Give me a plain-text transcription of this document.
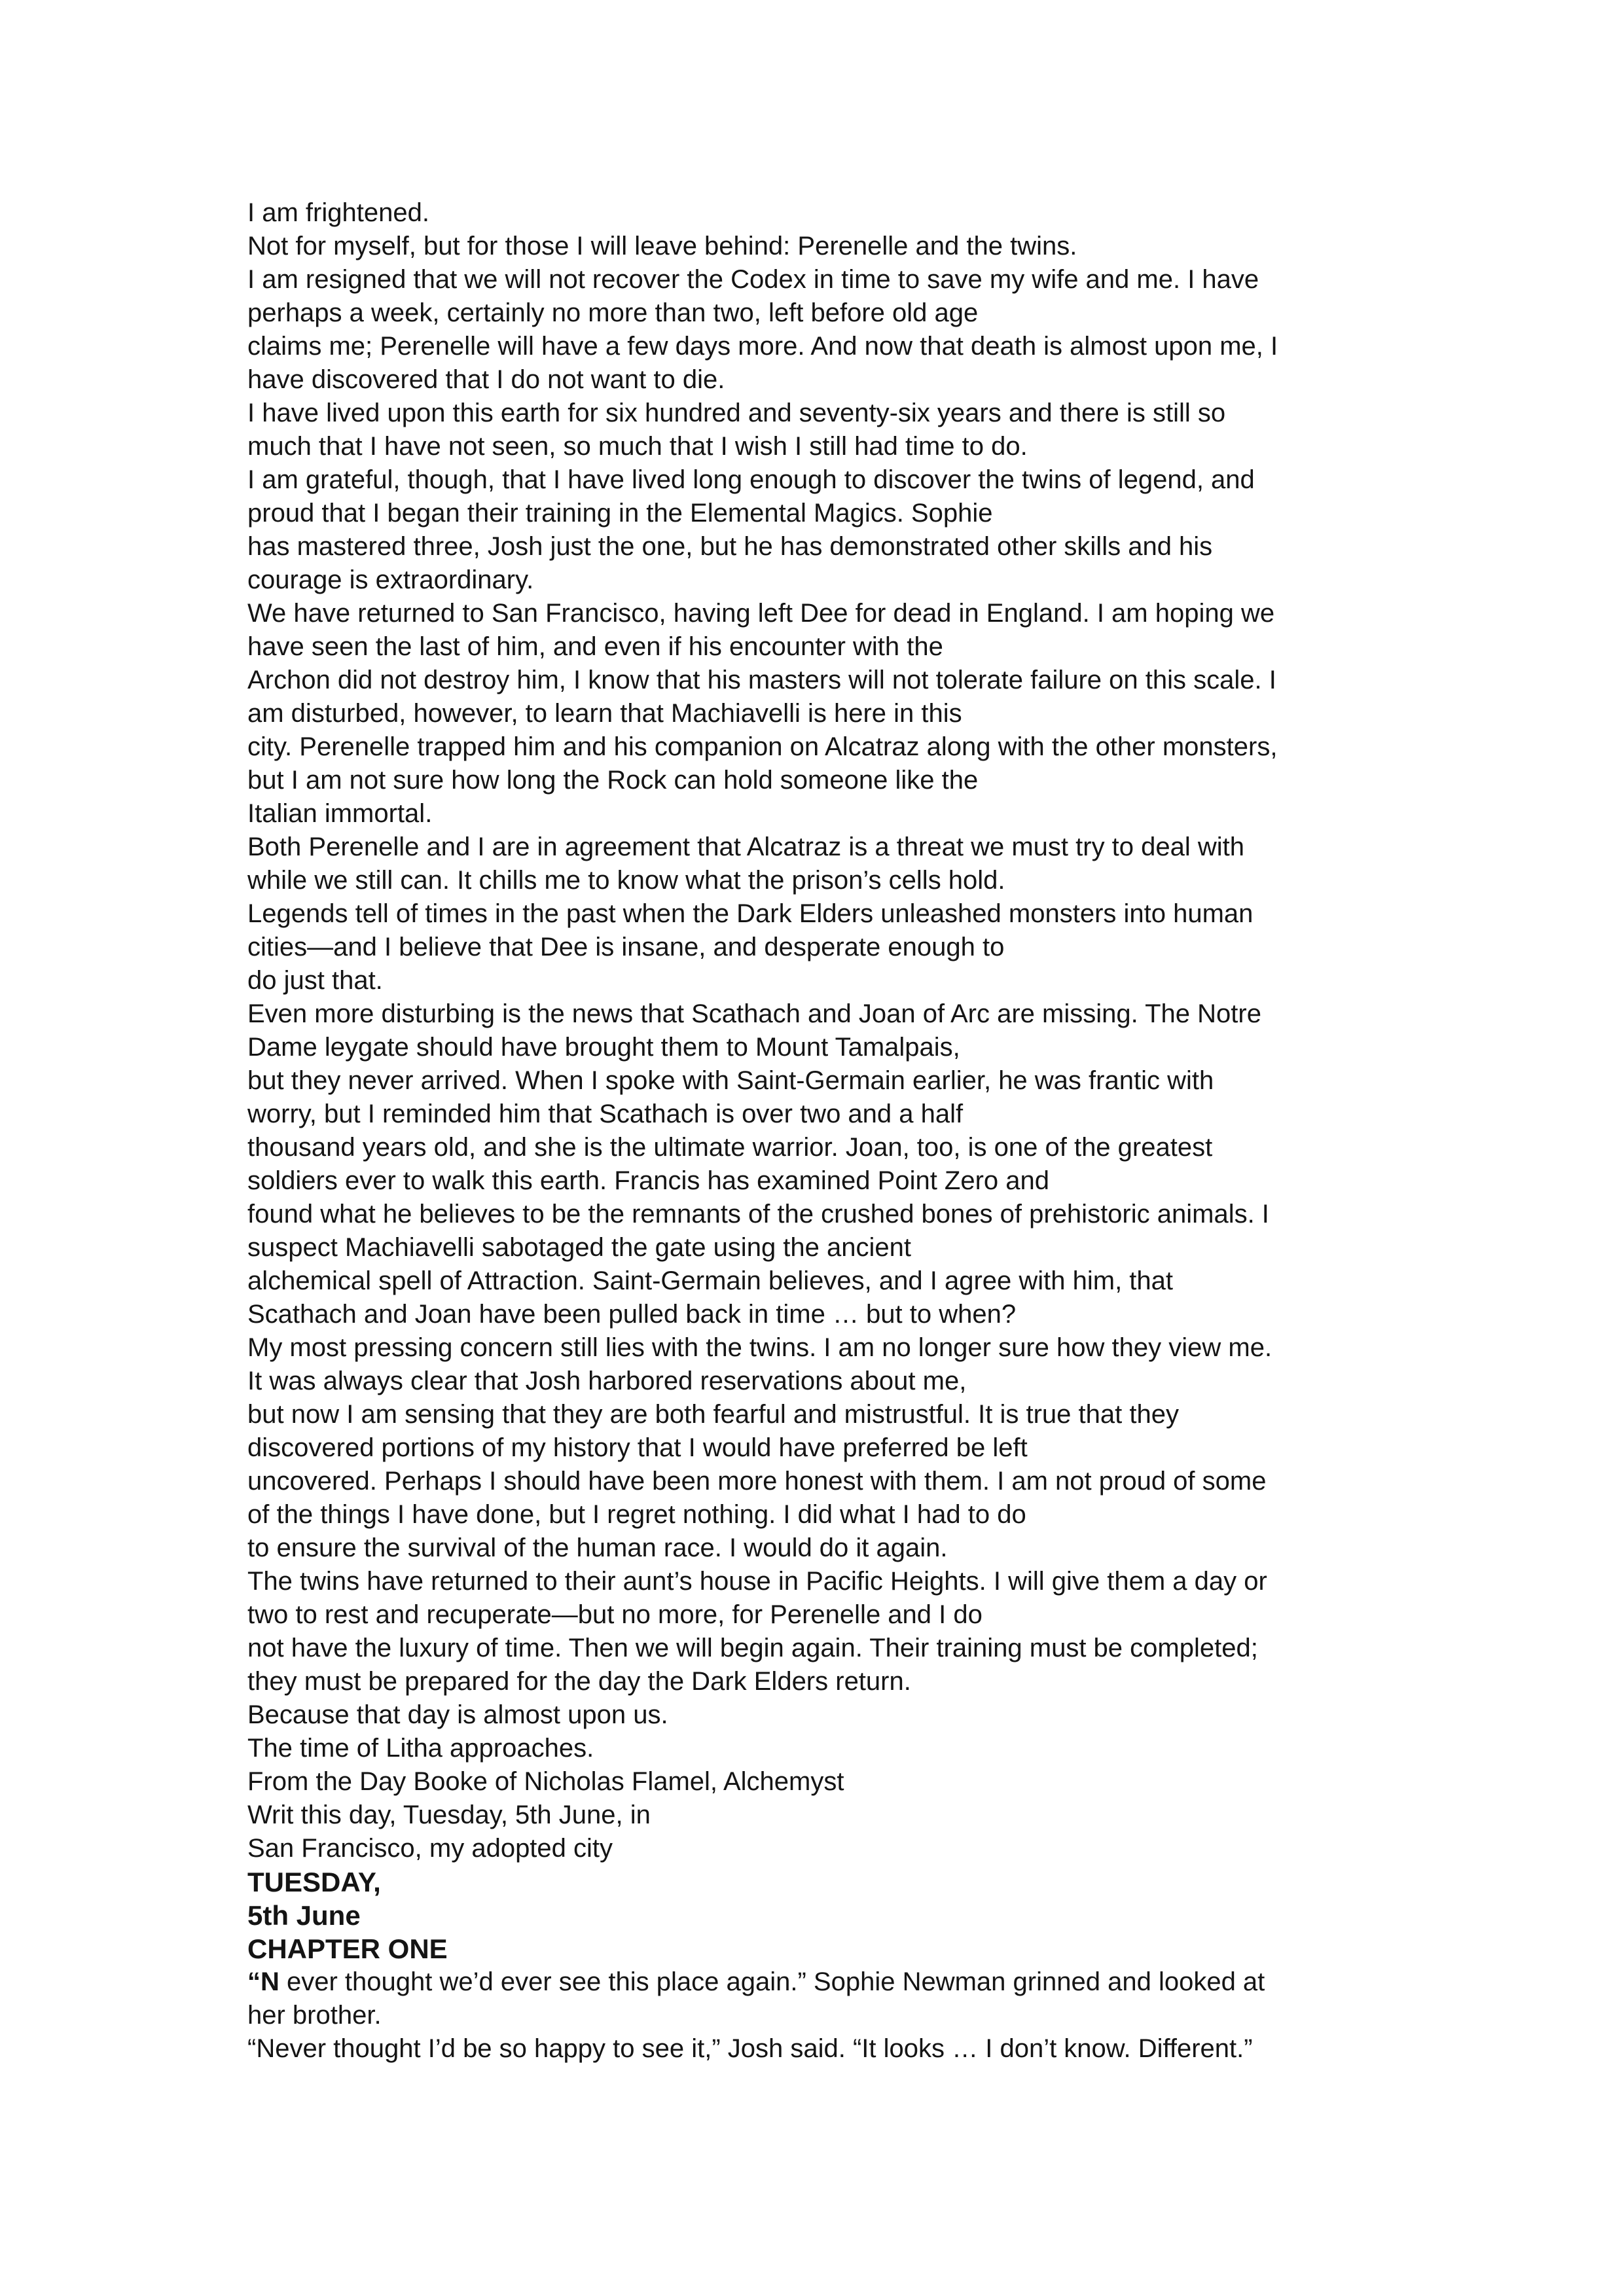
I am frightened.

Not for myself, but for those I will leave behind: Perenelle and the twins.

I am resigned that we will not recover the Codex in time to save my wife and me. I have

perhaps a week, certainly no more than two, left before old age

claims me; Perenelle will have a few days more. And now that death is almost upon me, I

have discovered that I do not want to die.

I have lived upon this earth for six hundred and seventy-six years and there is still so

much that I have not seen, so much that I wish I still had time to do.

I am grateful, though, that I have lived long enough to discover the twins of legend, and

proud that I began their training in the Elemental Magics. Sophie

has mastered three, Josh just the one, but he has demonstrated other skills and his

courage is extraordinary.

We have returned to San Francisco, having left Dee for dead in England. I am hoping we

have seen the last of him, and even if his encounter with the

Archon did not destroy him, I know that his masters will not tolerate failure on this scale. I

am disturbed, however, to learn that Machiavelli is here in this

city. Perenelle trapped him and his companion on Alcatraz along with the other monsters,

but I am not sure how long the Rock can hold someone like the

Italian immortal.

Both Perenelle and I are in agreement that Alcatraz is a threat we must try to deal with

while we still can. It chills me to know what the prison’s cells hold.

Legends tell of times in the past when the Dark Elders unleashed monsters into human

cities—and I believe that Dee is insane, and desperate enough to

do just that.

Even more disturbing is the news that Scathach and Joan of Arc are missing. The Notre

Dame leygate should have brought them to Mount Tamalpais,

but they never arrived. When I spoke with Saint-Germain earlier, he was frantic with

worry, but I reminded him that Scathach is over two and a half

thousand years old, and she is the ultimate warrior. Joan, too, is one of the greatest

soldiers ever to walk this earth. Francis has examined Point Zero and

found what he believes to be the remnants of the crushed bones of prehistoric animals. I

suspect Machiavelli sabotaged the gate using the ancient

alchemical spell of Attraction. Saint-Germain believes, and I agree with him, that

Scathach and Joan have been pulled back in time … but to when?

My most pressing concern still lies with the twins. I am no longer sure how they view me.

It was always clear that Josh harbored reservations about me,

but now I am sensing that they are both fearful and mistrustful. It is true that they

discovered portions of my history that I would have preferred be left

uncovered. Perhaps I should have been more honest with them. I am not proud of some

of the things I have done, but I regret nothing. I did what I had to do

to ensure the survival of the human race. I would do it again.

The twins have returned to their aunt’s house in Pacific Heights. I will give them a day or

two to rest and recuperate—but no more, for Perenelle and I do

not have the luxury of time. Then we will begin again. Their training must be completed;

they must be prepared for the day the Dark Elders return.

Because that day is almost upon us.

The time of Litha approaches.

From the Day Booke of Nicholas Flamel, Alchemyst

Writ this day, Tuesday, 5th June, in

San Francisco, my adopted city

TUESDAY,

5th June

CHAPTER ONE

“N ever thought we’d ever see this place again.” Sophie Newman grinned and looked at

her brother.

“Never thought I’d be so happy to see it,” Josh said. “It looks … I don’t know. Different.”
